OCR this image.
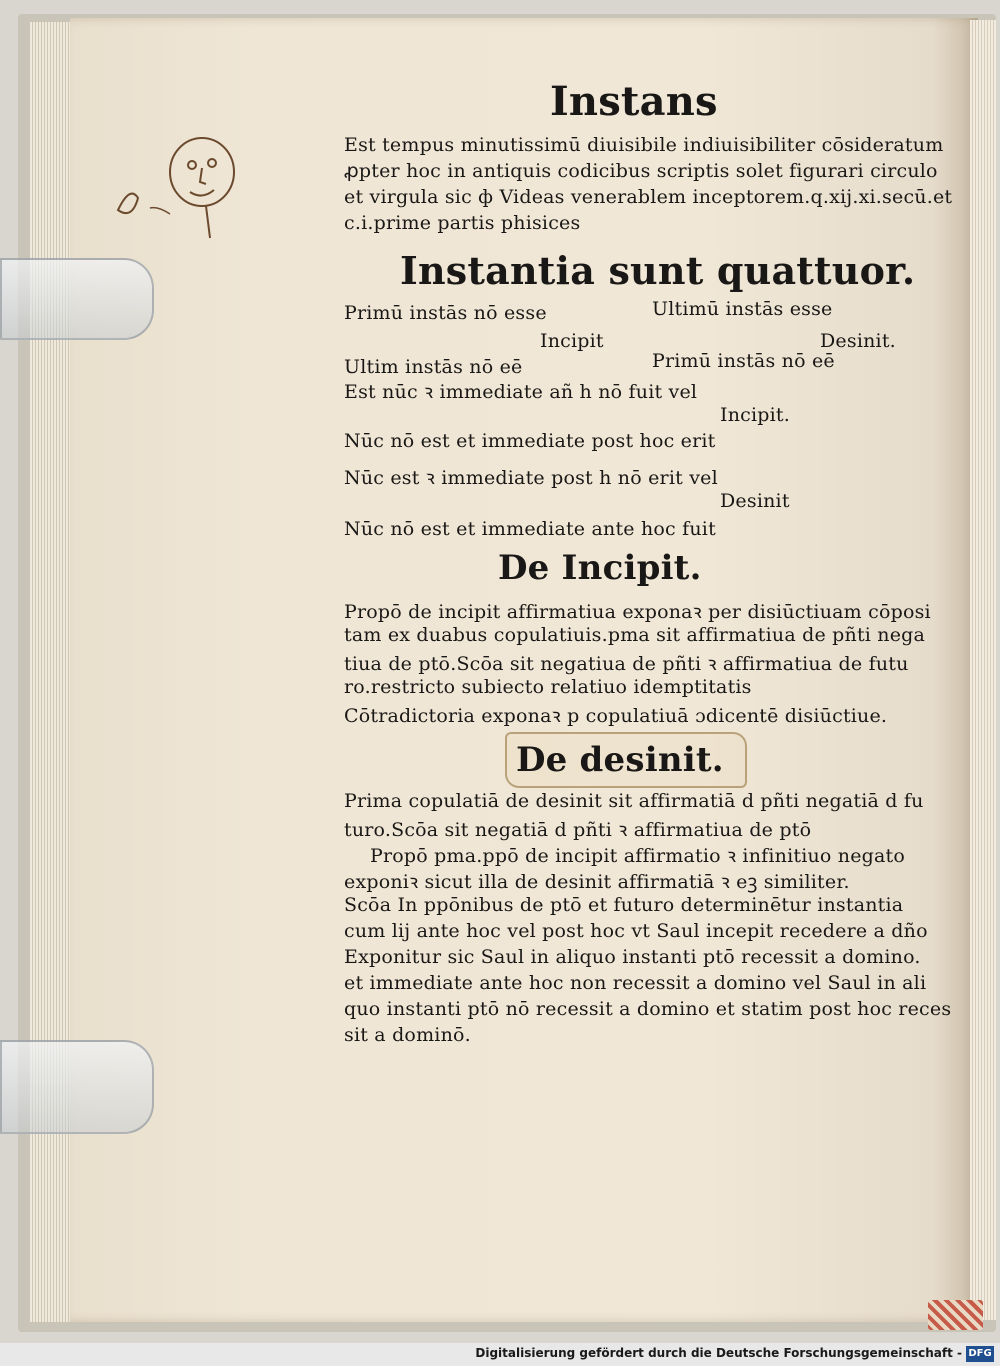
Instans
Est tempus minutissimū diuisibile indiuisibiliter cōsideratum
ꝓpter hoc in antiquis codicibus scriptis solet figurari circulo
et virgula sic ф Videas venerablem inceptorem.q.xij.xi.secū.et
c.i.prime partis phisices
Instantia sunt quattuor.
Primū instās nō esse	Ultimū instās esse
Incipit	Desinit.
Ultim instās nō eē	Primū instās nō eē
Est nūc ꝛ immediate añ h nō fuit vel
Incipit.
Nūc nō est et immediate post hoc erit
Nūc est ꝛ immediate post h nō erit vel
Desinit
Nūc nō est et immediate ante hoc fuit
De Incipit.
Propō de incipit affirmatiua exponaꝛ per disiūctiuam cōposi
tam ex duabus copulatiuis.pma sit affirmatiua de pñti nega
tiua de ptō.Scōa sit negatiua de pñti ꝛ affirmatiua de futu
ro.restricto subiecto relatiuo idemptitatis
Cōtradictoria exponaꝛ p copulatiuā ɔdicentē disiūctiue.
De desinit.
Prima copulatiā de desinit sit affirmatiā d pñti negatiā d fu
turo.Scōa sit negatiā d pñti ꝛ affirmatiua de ptō
Propō pma.ppō de incipit affirmatio ꝛ infinitiuo negato
exponiꝛ sicut illa de desinit affirmatiā ꝛ eꝫ similiter.
Scōa In ppōnibus de ptō et futuro determinētur instantia
cum lij ante hoc vel post hoc vt Saul incepit recedere a dño
Exponitur sic Saul in aliquo instanti ptō recessit a domino.
et immediate ante hoc non recessit a domino vel Saul in ali
quo instanti ptō nō recessit a domino et statim post hoc reces
sit a dominō.
Digitalisierung gefördert durch die Deutsche Forschungsgemeinschaft - DFG
